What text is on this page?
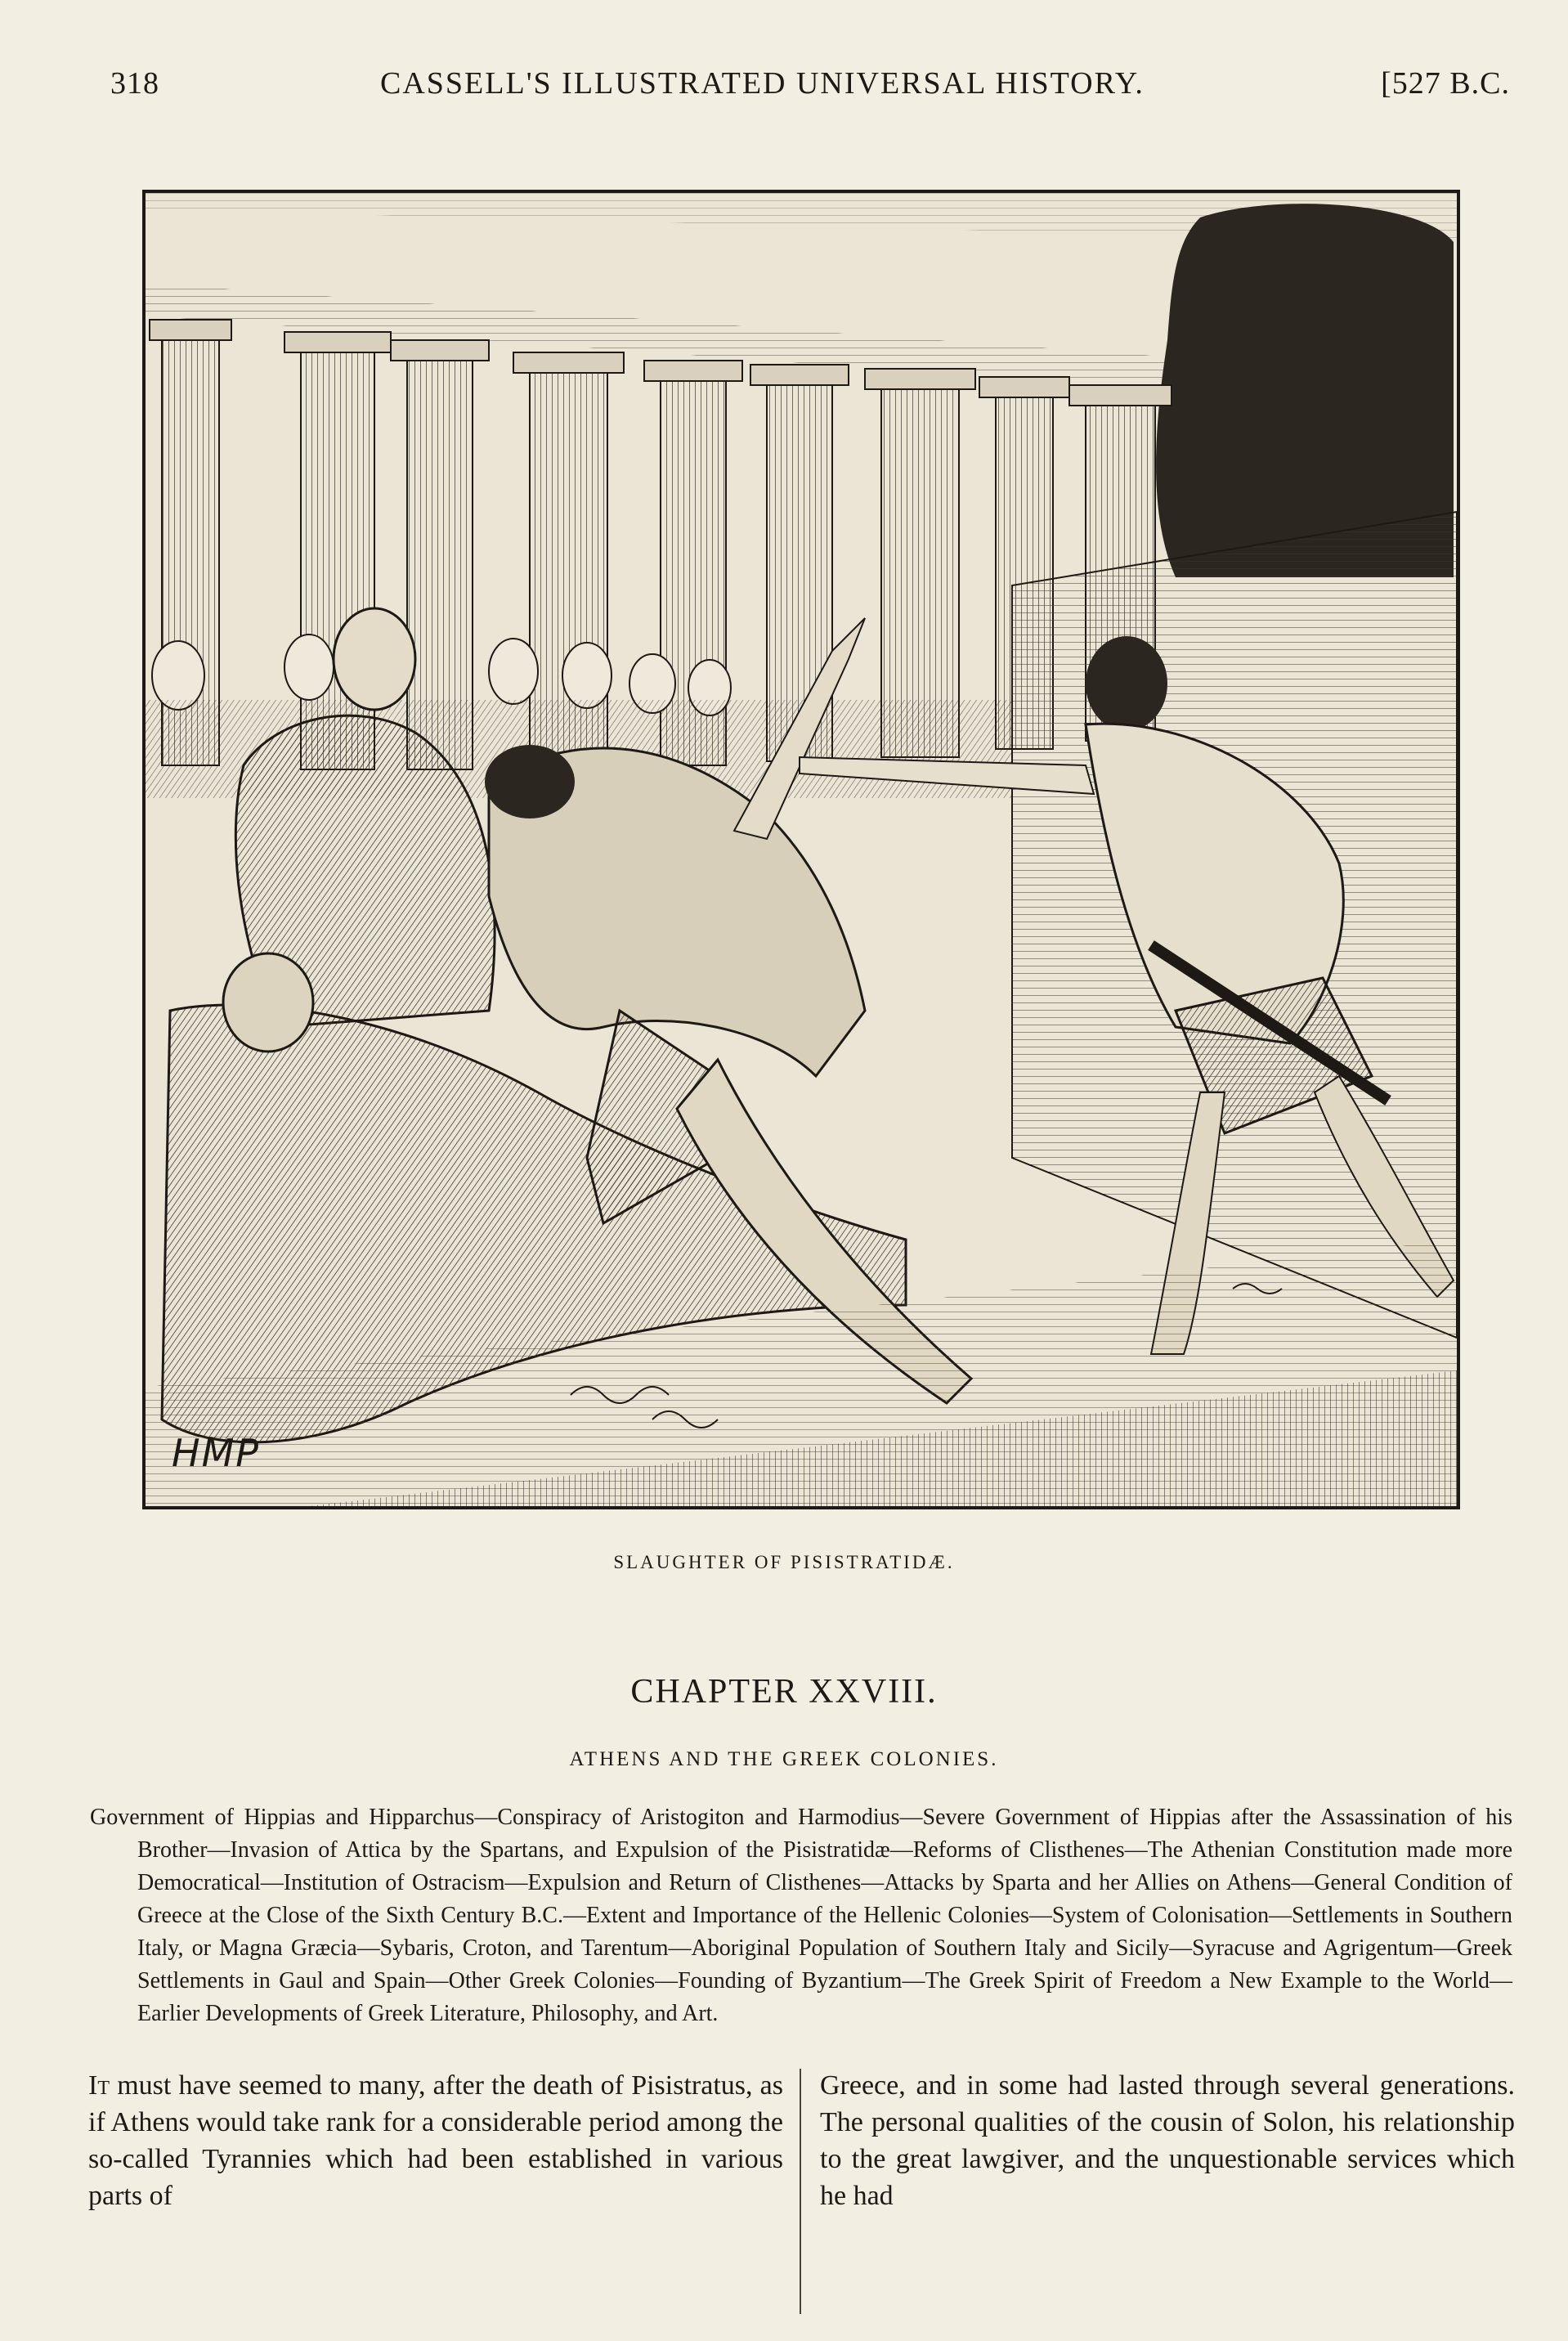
318	CASSELL'S ILLUSTRATED UNIVERSAL HISTORY.	[527 B.C.
HMP
SLAUGHTER OF PISISTRATIDÆ.
CHAPTER XXVIII.
ATHENS AND THE GREEK COLONIES.
Government of Hippias and Hipparchus—Conspiracy of Aristogiton and Harmodius—Severe Government of Hippias after the Assassination of his Brother—Invasion of Attica by the Spartans, and Expulsion of the Pisistratidæ—Reforms of Clisthenes—The Athenian Constitution made more Democratical—Institution of Ostracism—Expulsion and Return of Clisthenes—Attacks by Sparta and her Allies on Athens—General Condition of Greece at the Close of the Sixth Century B.C.—Extent and Importance of the Hellenic Colonies—System of Colonisation—Settlements in Southern Italy, or Magna Græcia—Sybaris, Croton, and Tarentum—Aboriginal Population of Southern Italy and Sicily—Syracuse and Agrigentum—Greek Settlements in Gaul and Spain—Other Greek Colonies—Founding of Byzantium—The Greek Spirit of Freedom a New Example to the World—Earlier Developments of Greek Literature, Philosophy, and Art.
It must have seemed to many, after the death of Pisistratus, as if Athens would take rank for a considerable period among the so-called Tyrannies which had been established in various parts of
Greece, and in some had lasted through several generations. The personal qualities of the cousin of Solon, his relationship to the great lawgiver, and the unquestionable services which he had
